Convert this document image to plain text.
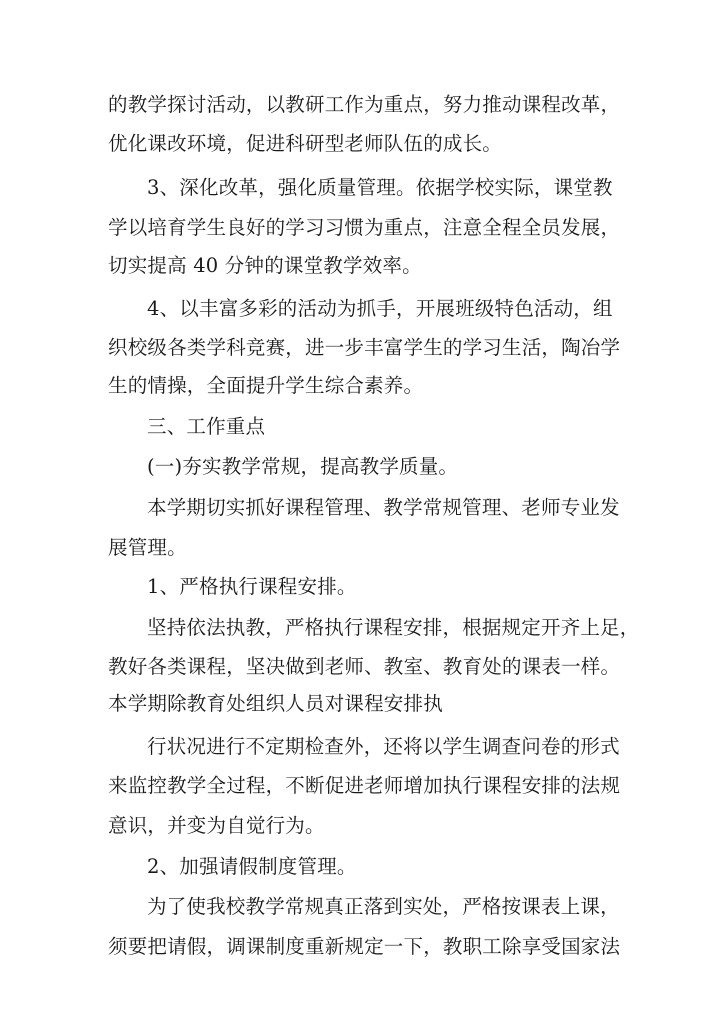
的教学探讨活动，以教研工作为重点，努力推动课程改革，
优化课改环境，促进科研型老师队伍的成长。
3、深化改革，强化质量管理。依据学校实际，课堂教
学以培育学生良好的学习习惯为重点，注意全程全员发展，
切实提高 40 分钟的课堂教学效率。
4、以丰富多彩的活动为抓手，开展班级特色活动，组
织校级各类学科竞赛，进一步丰富学生的学习生活，陶冶学
生的情操，全面提升学生综合素养。
三、工作重点
(一)夯实教学常规，提高教学质量。
本学期切实抓好课程管理、教学常规管理、老师专业发
展管理。
1、严格执行课程安排。
坚持依法执教，严格执行课程安排，根据规定开齐上足，
教好各类课程，坚决做到老师、教室、教育处的课表一样。
本学期除教育处组织人员对课程安排执
行状况进行不定期检查外，还将以学生调查问卷的形式
来监控教学全过程，不断促进老师增加执行课程安排的法规
意识，并变为自觉行为。
2、加强请假制度管理。
为了使我校教学常规真正落到实处，严格按课表上课，
须要把请假，调课制度重新规定一下，教职工除享受国家法
